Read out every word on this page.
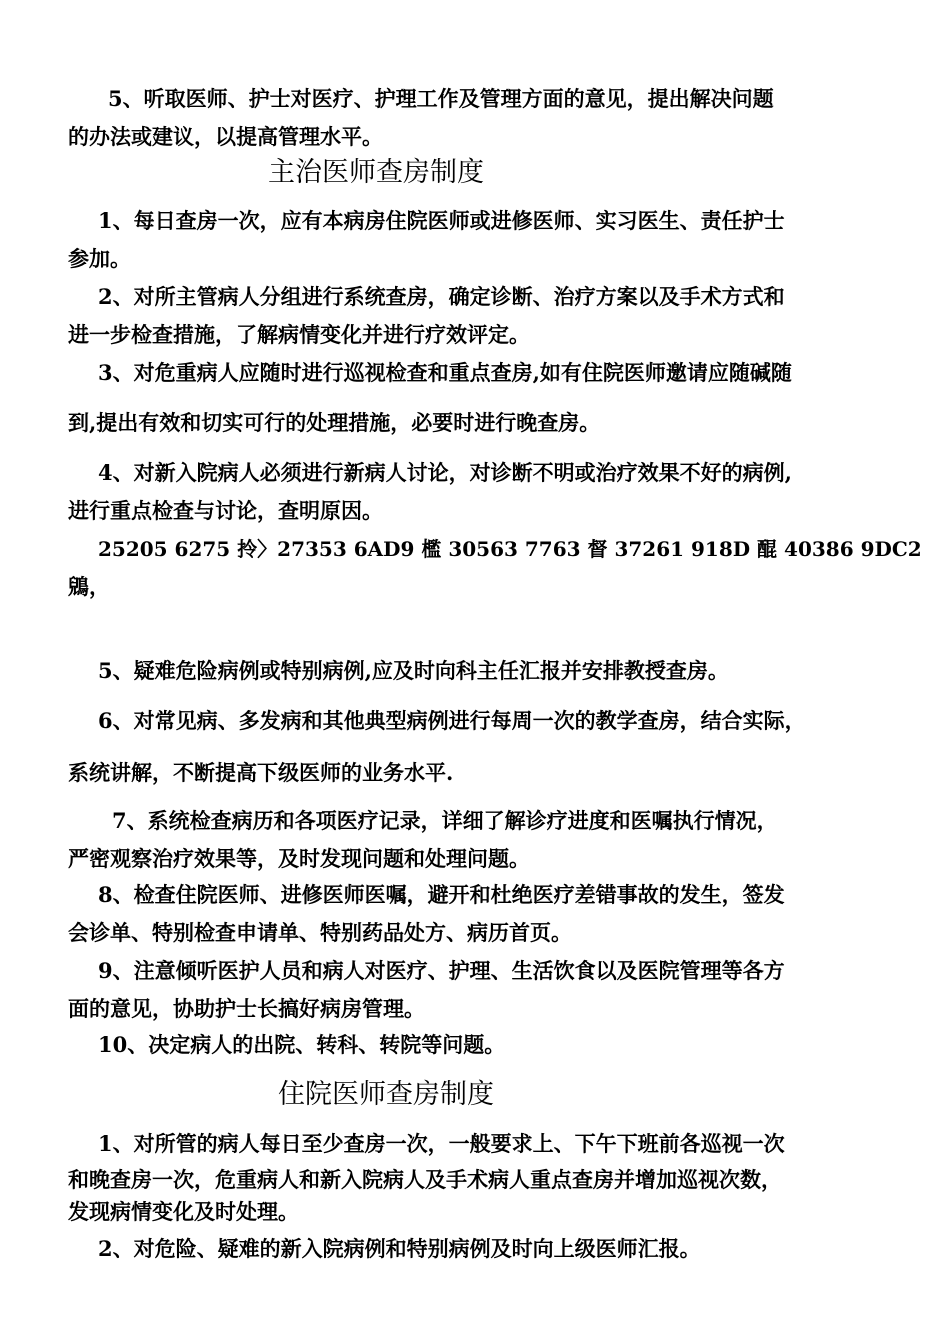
5、听取医师、护士对医疗、护理工作及管理方面的意见，提出解决问题
的办法或建议，以提高管理水平。
主治医师查房制度
1、每日查房一次，应有本病房住院医师或进修医师、实习医生、责任护士
参加。
2、对所主管病人分组进行系统查房，确定诊断、治疗方案以及手术方式和
进一步检查措施，了解病情变化并进行疗效评定。
3、对危重病人应随时进行巡视检查和重点查房,如有住院医师邀请应随碱随
到,提出有效和切实可行的处理措施，必要时进行晚查房。
4、对新入院病人必须进行新病人讨论，对诊断不明或治疗效果不好的病例,
进行重点检查与讨论，查明原因。
25205 6275 拎〉27353 6AD9 檻 30563 7763 督 37261 918D 醌 40386 9DC2
鶂，
5、疑难危险病例或特别病例,应及时向科主任汇报并安排教授查房。
6、对常见病、多发病和其他典型病例进行每周一次的教学查房，结合实际，
系统讲解，不断提高下级医师的业务水平.
7、系统检查病历和各项医疗记录，详细了解诊疗进度和医嘱执行情况，
严密观察治疗效果等，及时发现问题和处理问题。
8、检查住院医师、进修医师医嘱，避开和杜绝医疗差错事故的发生，签发
会诊单、特别检查申请单、特别药品处方、病历首页。
9、注意倾听医护人员和病人对医疗、护理、生活饮食以及医院管理等各方
面的意见，协助护士长搞好病房管理。
10、决定病人的出院、转科、转院等问题。
住院医师查房制度
1、对所管的病人每日至少查房一次，一般要求上、下午下班前各巡视一次
和晚查房一次，危重病人和新入院病人及手术病人重点查房并增加巡视次数，
发现病情变化及时处理。
2、对危险、疑难的新入院病例和特别病例及时向上级医师汇报。
